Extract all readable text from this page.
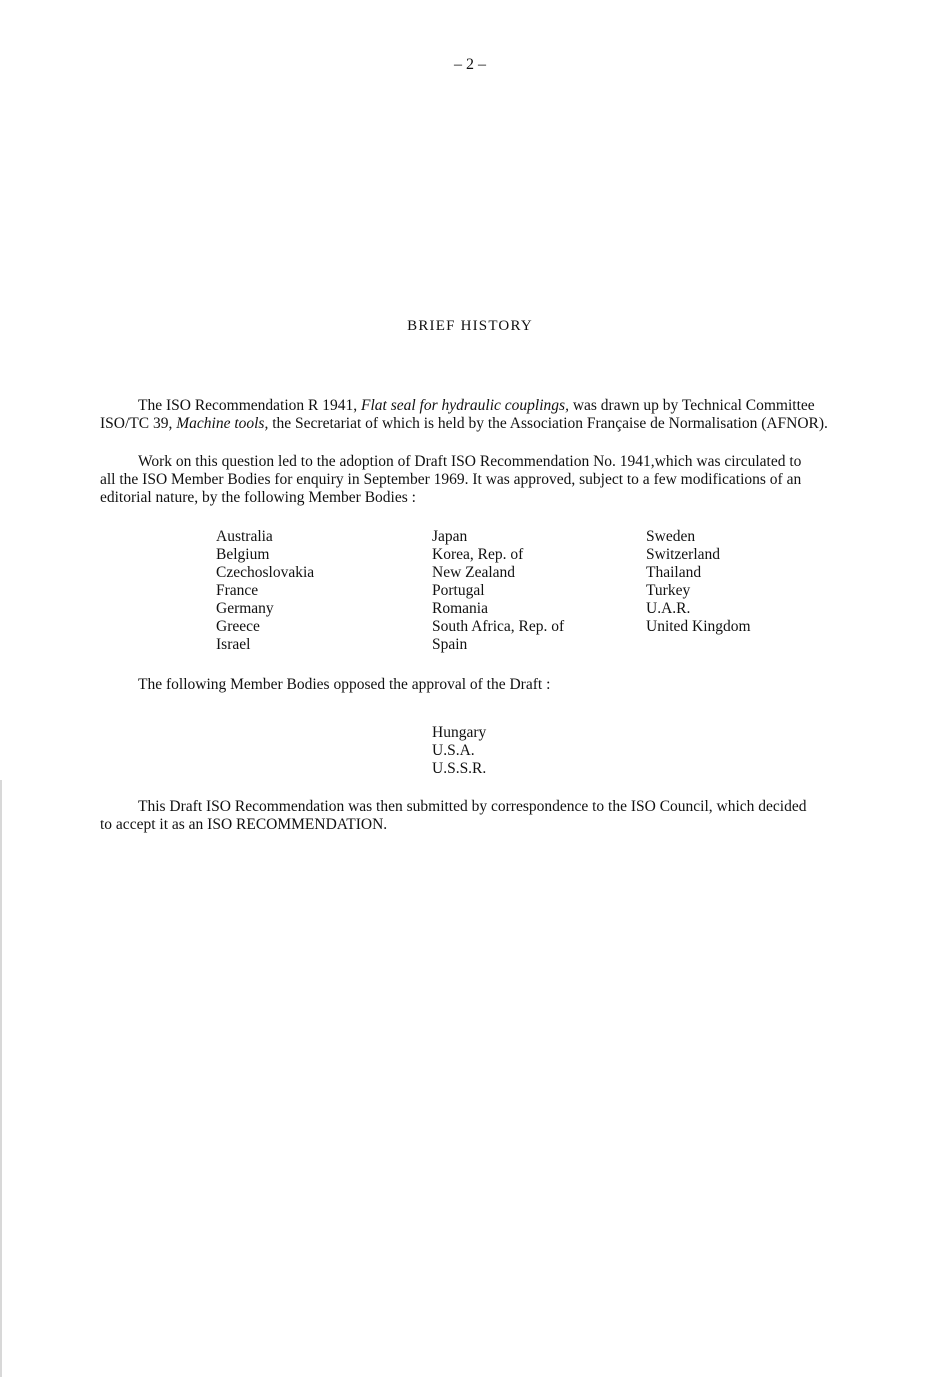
– 2 –
BRIEF HISTORY
The ISO Recommendation R 1941, Flat seal for hydraulic couplings, was drawn up by Technical Committee
ISO/TC 39, Machine tools, the Secretariat of which is held by the Association Française de Normalisation (AFNOR).
Work on this question led to the adoption of Draft ISO Recommendation No. 1941,which was circulated to
all the ISO Member Bodies for enquiry in September 1969. It was approved, subject to a few modifications of an
editorial nature, by the following Member Bodies :
Australia
Belgium
Czechoslovakia
France
Germany
Greece
Israel
Japan
Korea, Rep. of
New Zealand
Portugal
Romania
South Africa, Rep. of
Spain
Sweden
Switzerland
Thailand
Turkey
U.A.R.
United Kingdom
The following Member Bodies opposed the approval of the Draft :
Hungary
U.S.A.
U.S.S.R.
This Draft ISO Recommendation was then submitted by correspondence to the ISO Council, which decided
to accept it as an ISO RECOMMENDATION.
